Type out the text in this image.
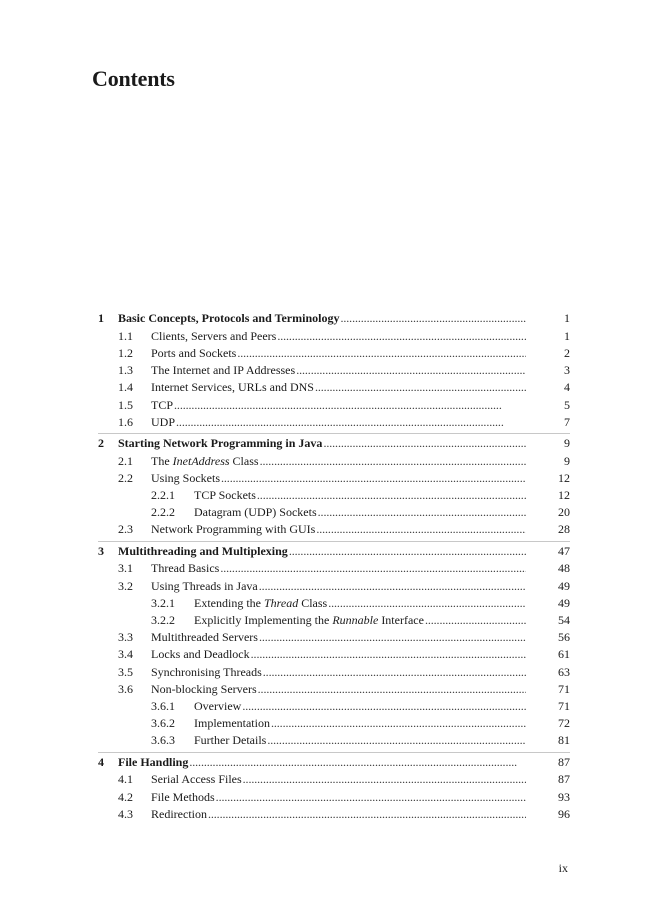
Contents
1 Basic Concepts, Protocols and Terminology . . .	1
1.1 Clients, Servers and Peers . . .	1
1.2 Ports and Sockets . . .	2
1.3 The Internet and IP Addresses . . .	3
1.4 Internet Services, URLs and DNS . . .	4
1.5 TCP . . .	5
1.6 UDP . . .	7
2 Starting Network Programming in Java . . .	9
2.1 The InetAddress Class . . .	9
2.2 Using Sockets . . .	12
2.2.1 TCP Sockets . . .	12
2.2.2 Datagram (UDP) Sockets . . .	20
2.3 Network Programming with GUIs . . .	28
3 Multithreading and Multiplexing . . .	47
3.1 Thread Basics . . .	48
3.2 Using Threads in Java . . .	49
3.2.1 Extending the Thread Class . . .	49
3.2.2 Explicitly Implementing the Runnable Interface . . .	54
3.3 Multithreaded Servers . . .	56
3.4 Locks and Deadlock . . .	61
3.5 Synchronising Threads . . .	63
3.6 Non-blocking Servers . . .	71
3.6.1 Overview . . .	71
3.6.2 Implementation . . .	72
3.6.3 Further Details . . .	81
4 File Handling . . .	87
4.1 Serial Access Files . . .	87
4.2 File Methods . . .	93
4.3 Redirection . . .	96
ix
